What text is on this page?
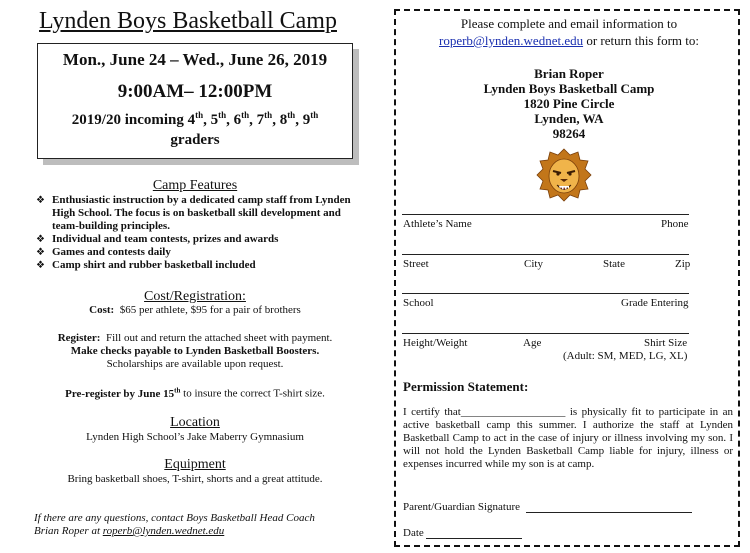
Lynden Boys Basketball Camp
Mon., June 24 – Wed., June 26, 2019
9:00AM– 12:00PM
2019/20 incoming 4th, 5th, 6th, 7th, 8th, 9th
graders
Camp Features
❖ Enthusiastic instruction by a dedicated camp staff from Lynden High School. The focus is on basketball skill development and team-building principles.
❖ Individual and team contests, prizes and awards
❖ Games and contests daily
❖ Camp shirt and rubber basketball included
Cost/Registration:
Cost: $65 per athlete, $95 for a pair of brothers
Register: Fill out and return the attached sheet with payment.
Make checks payable to Lynden Basketball Boosters.
Scholarships are available upon request.
Pre-register by June 15th to insure the correct T-shirt size.
Location
Lynden High School’s Jake Maberry Gymnasium
Equipment
Bring basketball shoes, T-shirt, shorts and a great attitude.
If there are any questions, contact Boys Basketball Head Coach
Brian Roper at roperb@lynden.wednet.edu
Please complete and email information to
roperb@lynden.wednet.edu or return this form to:
Brian Roper
Lynden Boys Basketball Camp
1820 Pine Circle
Lynden, WA
98264
Athlete’s Name	Phone
Street	City	State	Zip
School	Grade Entering
Height/Weight	Age	Shirt Size
(Adult: SM, MED, LG, XL)
Permission Statement:
I certify that___________________ is physically fit to participate in an active basketball camp this summer. I authorize the staff at Lynden Basketball Camp to act in the case of injury or illness involving my son. I will not hold the Lynden Basketball Camp liable for injury, illness or expenses incurred while my son is at camp.
Parent/Guardian Signature
Date
